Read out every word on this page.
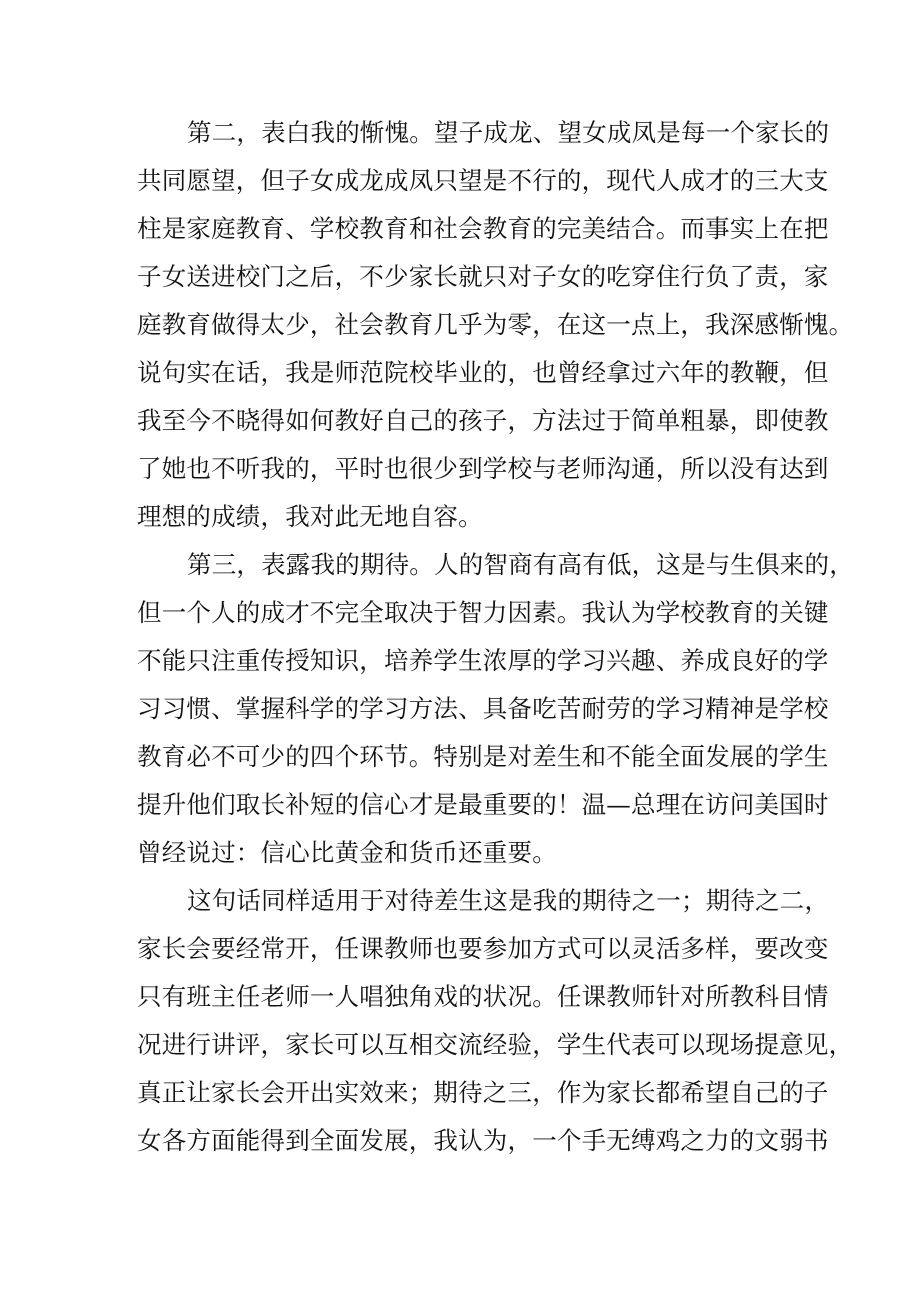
第二，表白我的惭愧。望子成龙、望女成凤是每一个家长的
共同愿望，但子女成龙成凤只望是不行的，现代人成才的三大支
柱是家庭教育、学校教育和社会教育的完美结合。而事实上在把
子女送进校门之后，不少家长就只对子女的吃穿住行负了责，家
庭教育做得太少，社会教育几乎为零，在这一点上，我深感惭愧。
说句实在话，我是师范院校毕业的，也曾经拿过六年的教鞭，但
我至今不晓得如何教好自己的孩子，方法过于简单粗暴，即使教
了她也不听我的，平时也很少到学校与老师沟通，所以没有达到
理想的成绩，我对此无地自容。
第三，表露我的期待。人的智商有高有低，这是与生俱来的，
但一个人的成才不完全取决于智力因素。我认为学校教育的关键
不能只注重传授知识，培养学生浓厚的学习兴趣、养成良好的学
习习惯、掌握科学的学习方法、具备吃苦耐劳的学习精神是学校
教育必不可少的四个环节。特别是对差生和不能全面发展的学生
提升他们取长补短的信心才是最重要的！温—总理在访问美国时
曾经说过：信心比黄金和货币还重要。
这句话同样适用于对待差生这是我的期待之一；期待之二，
家长会要经常开，任课教师也要参加方式可以灵活多样，要改变
只有班主任老师一人唱独角戏的状况。任课教师针对所教科目情
况进行讲评，家长可以互相交流经验，学生代表可以现场提意见，
真正让家长会开出实效来；期待之三，作为家长都希望自己的子
女各方面能得到全面发展，我认为，一个手无缚鸡之力的文弱书
